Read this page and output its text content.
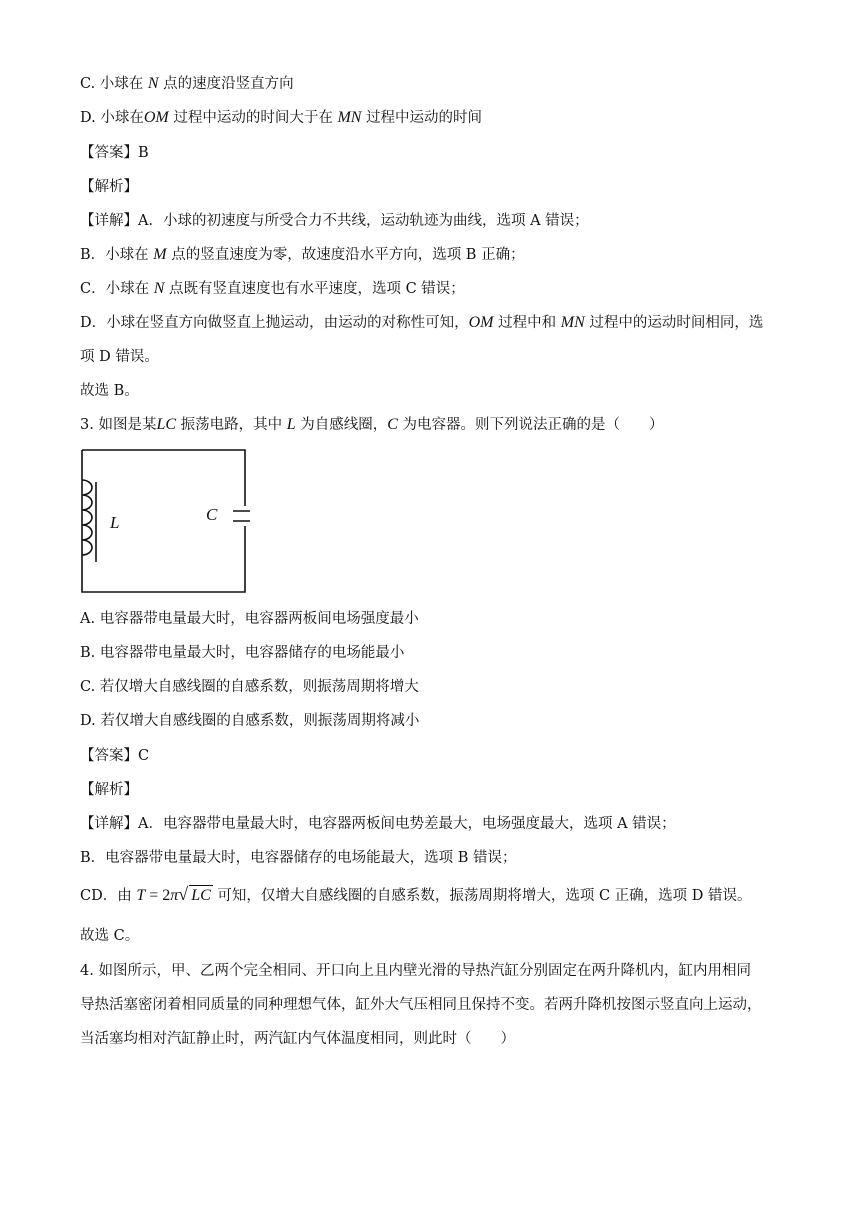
C. 小球在 N 点的速度沿竖直方向
D. 小球在OM 过程中运动的时间大于在 MN 过程中运动的时间
【答案】B
【解析】
【详解】A．小球的初速度与所受合力不共线，运动轨迹为曲线，选项 A 错误；
B．小球在 M 点的竖直速度为零，故速度沿水平方向，选项 B 正确；
C．小球在 N 点既有竖直速度也有水平速度，选项 C 错误；
D．小球在竖直方向做竖直上抛运动，由运动的对称性可知，OM 过程中和 MN 过程中的运动时间相同，选
项 D 错误。
故选 B。
3. 如图是某LC 振荡电路，其中 L 为自感线圈，C 为电容器。则下列说法正确的是（　　）
L	C
A. 电容器带电量最大时，电容器两板间电场强度最小
B. 电容器带电量最大时，电容器储存的电场能最小
C. 若仅增大自感线圈的自感系数，则振荡周期将增大
D. 若仅增大自感线圈的自感系数，则振荡周期将减小
【答案】C
【解析】
【详解】A．电容器带电量最大时，电容器两板间电势差最大，电场强度最大，选项 A 错误；
B．电容器带电量最大时，电容器储存的电场能最大，选项 B 错误；
CD．由 T = 2π√ LC 可知，仅增大自感线圈的自感系数，振荡周期将增大，选项 C 正确，选项 D 错误。
故选 C。
4. 如图所示，甲、乙两个完全相同、开口向上且内壁光滑的导热汽缸分别固定在两升降机内，缸内用相同
导热活塞密闭着相同质量的同种理想气体，缸外大气压相同且保持不变。若两升降机按图示竖直向上运动，
当活塞均相对汽缸静止时，两汽缸内气体温度相同，则此时（　　）
